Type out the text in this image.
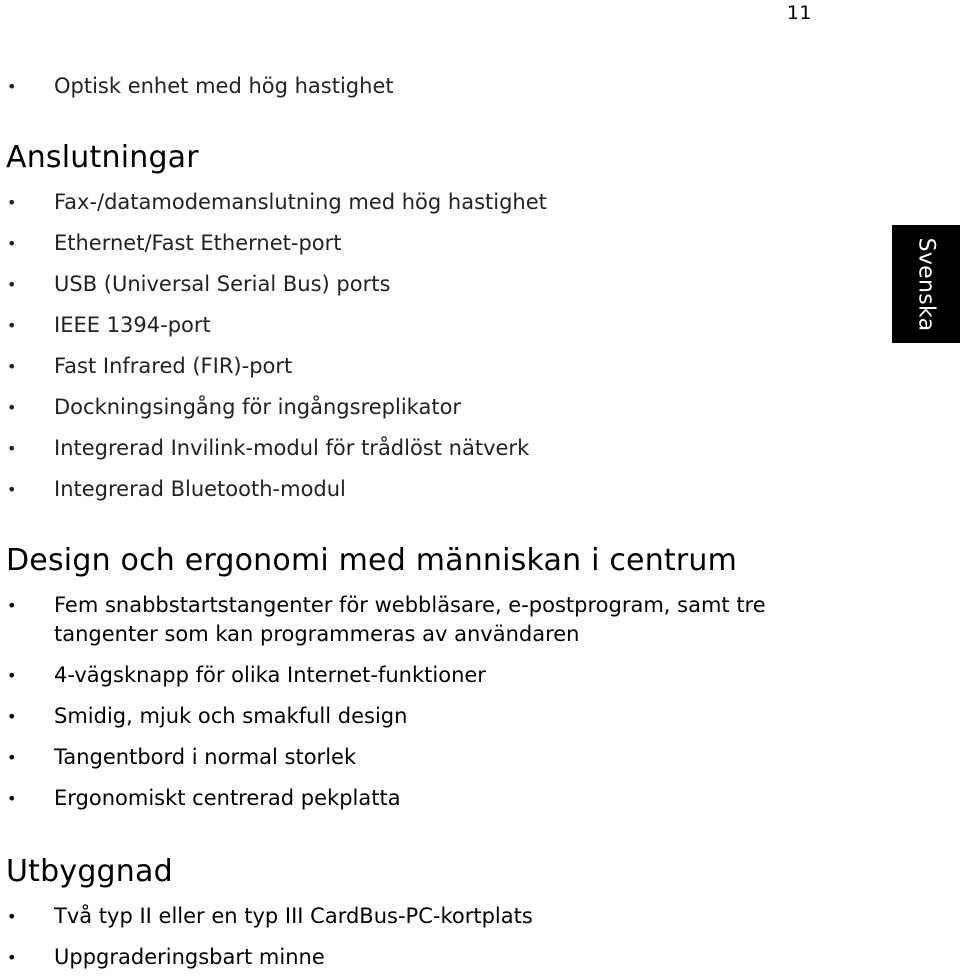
11
Svenska
• Optisk enhet med hög hastighet
Anslutningar
• Fax-/datamodemanslutning med hög hastighet
• Ethernet/Fast Ethernet-port
• USB (Universal Serial Bus) ports
• IEEE 1394-port
• Fast Infrared (FIR)-port
• Dockningsingång för ingångsreplikator
• Integrerad Invilink-modul för trådlöst nätverk
• Integrerad Bluetooth-modul
Design och ergonomi med människan i centrum
• Fem snabbstartstangenter för webbläsare, e-postprogram, samt tre tangenter som kan programmeras av användaren
• 4-vägsknapp för olika Internet-funktioner
• Smidig, mjuk och smakfull design
• Tangentbord i normal storlek
• Ergonomiskt centrerad pekplatta
Utbyggnad
• Två typ II eller en typ III CardBus-PC-kortplats
• Uppgraderingsbart minne
